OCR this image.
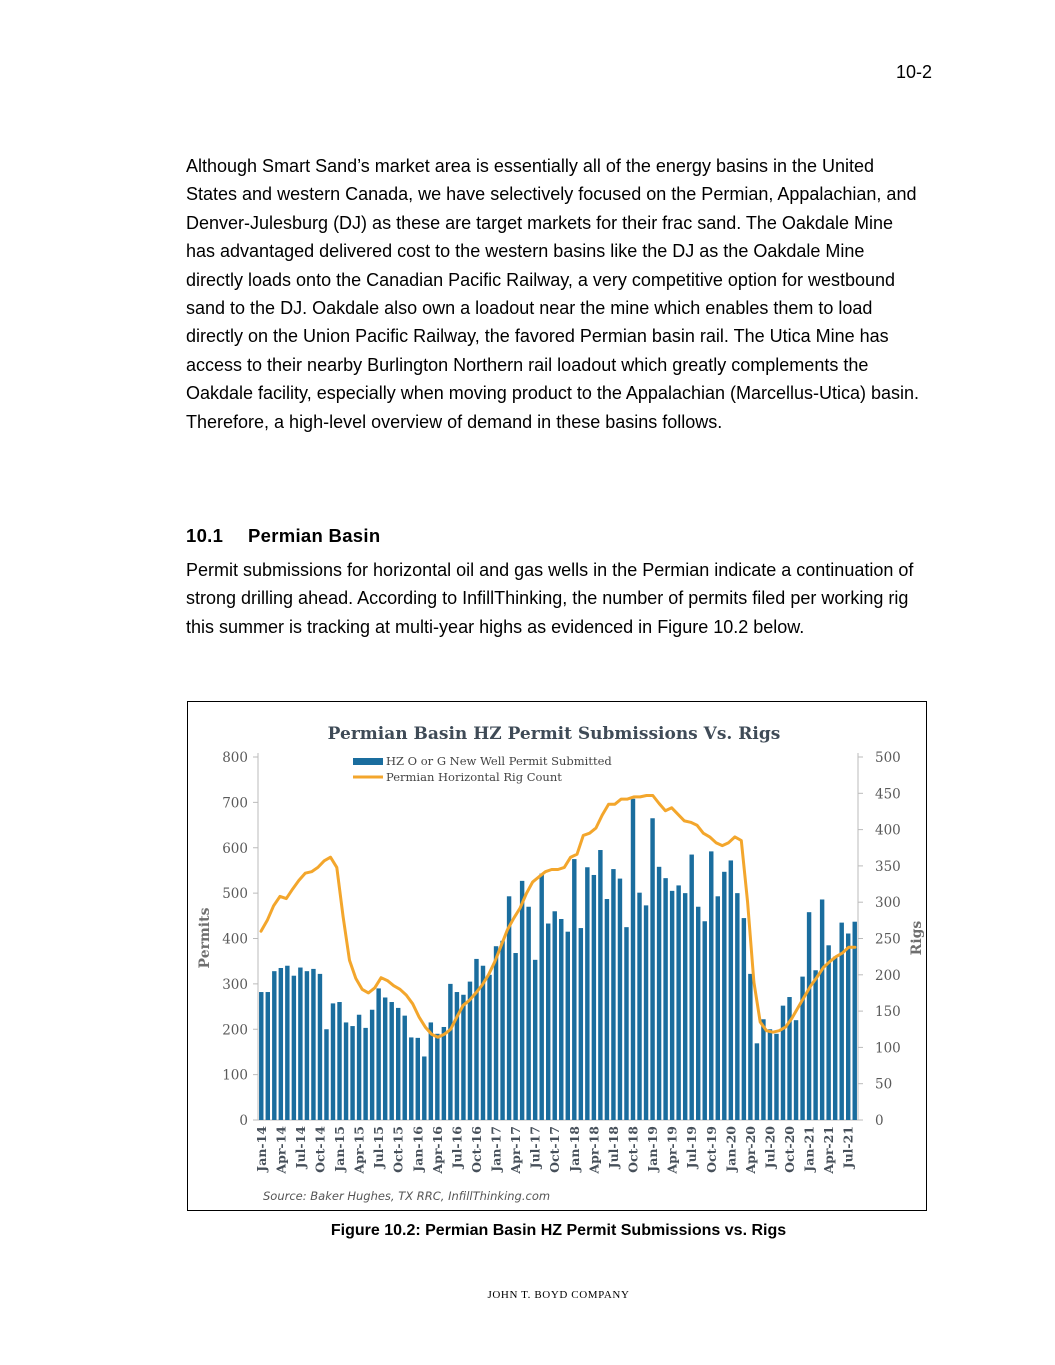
10-2

Although Smart Sand’s market area is essentially all of the energy basins in the United States and western Canada, we have selectively focused on the Permian, Appalachian, and Denver-Julesburg (DJ) as these are target markets for their frac sand. The Oakdale Mine has advantaged delivered cost to the western basins like the DJ as the Oakdale Mine directly loads onto the Canadian Pacific Railway, a very competitive option for westbound sand to the DJ. Oakdale also own a loadout near the mine which enables them to load directly on the Union Pacific Railway, the favored Permian basin rail. The Utica Mine has access to their nearby Burlington Northern rail loadout which greatly complements the Oakdale facility, especially when moving product to the Appalachian (Marcellus-Utica) basin. Therefore, a high-level overview of demand in these basins follows.

10.1 Permian Basin

Permit submissions for horizontal oil and gas wells in the Permian indicate a continuation of strong drilling ahead. According to InfillThinking, the number of permits filed per working rig this summer is tracking at multi-year highs as evidenced in Figure 10.2 below.

Permian Basin HZ Permit Submissions Vs. Rigs
HZ O or G New Well Permit Submitted
Permian Horizontal Rig Count
0
100
200
300
400
500
600
700
800
0
50
100
150
200
250
300
350
400
450
500
Jan-14 Apr-14 Jul-14 Oct-14 Jan-15 Apr-15 Jul-15 Oct-15 Jan-16 Apr-16 Jul-16 Oct-16 Jan-17 Apr-17 Jul-17 Oct-17 Jan-18 Apr-18 Jul-18 Oct-18 Jan-19 Apr-19 Jul-19 Oct-19 Jan-20 Apr-20 Jul-20 Oct-20 Jan-21 Apr-21 Jul-21
Permits	Rigs
Source: Baker Hughes, TX RRC, InfillThinking.com
Figure 10.2: Permian Basin HZ Permit Submissions vs. Rigs
JOHN T. BOYD COMPANY
